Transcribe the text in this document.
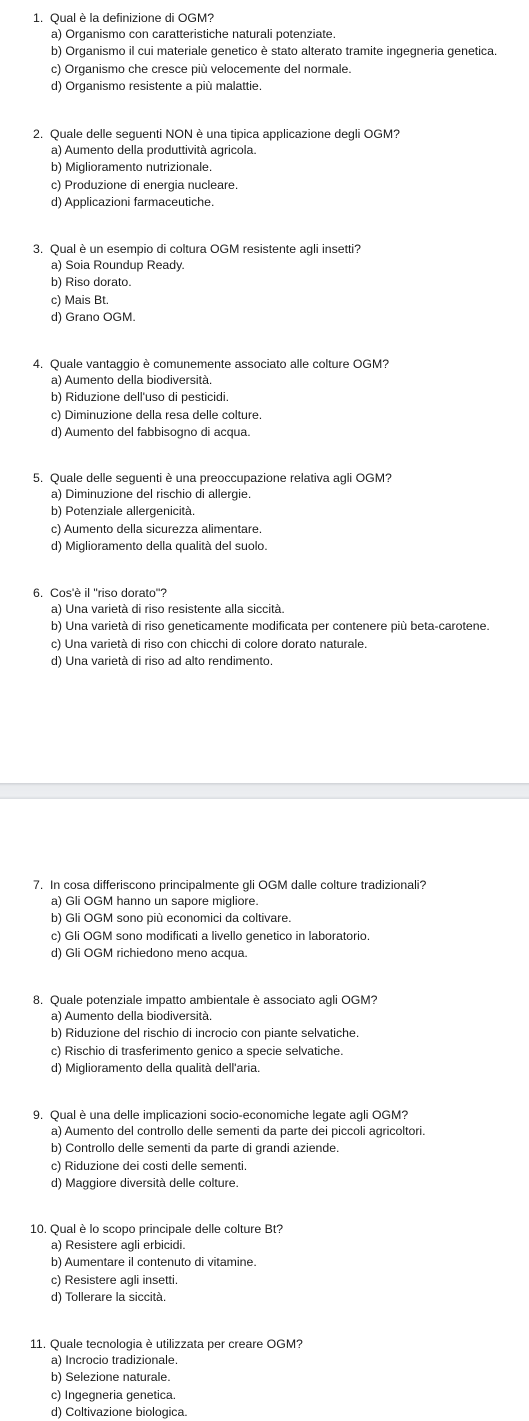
1. Qual è la definizione di OGM?
a) Organismo con caratteristiche naturali potenziate.
b) Organismo il cui materiale genetico è stato alterato tramite ingegneria genetica.
c) Organismo che cresce più velocemente del normale.
d) Organismo resistente a più malattie.
2. Quale delle seguenti NON è una tipica applicazione degli OGM?
a) Aumento della produttività agricola.
b) Miglioramento nutrizionale.
c) Produzione di energia nucleare.
d) Applicazioni farmaceutiche.
3. Qual è un esempio di coltura OGM resistente agli insetti?
a) Soia Roundup Ready.
b) Riso dorato.
c) Mais Bt.
d) Grano OGM.
4. Quale vantaggio è comunemente associato alle colture OGM?
a) Aumento della biodiversità.
b) Riduzione dell'uso di pesticidi.
c) Diminuzione della resa delle colture.
d) Aumento del fabbisogno di acqua.
5. Quale delle seguenti è una preoccupazione relativa agli OGM?
a) Diminuzione del rischio di allergie.
b) Potenziale allergenicità.
c) Aumento della sicurezza alimentare.
d) Miglioramento della qualità del suolo.
6. Cos'è il "riso dorato"?
a) Una varietà di riso resistente alla siccità.
b) Una varietà di riso geneticamente modificata per contenere più beta-carotene.
c) Una varietà di riso con chicchi di colore dorato naturale.
d) Una varietà di riso ad alto rendimento.
7. In cosa differiscono principalmente gli OGM dalle colture tradizionali?
a) Gli OGM hanno un sapore migliore.
b) Gli OGM sono più economici da coltivare.
c) Gli OGM sono modificati a livello genetico in laboratorio.
d) Gli OGM richiedono meno acqua.
8. Quale potenziale impatto ambientale è associato agli OGM?
a) Aumento della biodiversità.
b) Riduzione del rischio di incrocio con piante selvatiche.
c) Rischio di trasferimento genico a specie selvatiche.
d) Miglioramento della qualità dell'aria.
9. Qual è una delle implicazioni socio-economiche legate agli OGM?
a) Aumento del controllo delle sementi da parte dei piccoli agricoltori.
b) Controllo delle sementi da parte di grandi aziende.
c) Riduzione dei costi delle sementi.
d) Maggiore diversità delle colture.
10. Qual è lo scopo principale delle colture Bt?
a) Resistere agli erbicidi.
b) Aumentare il contenuto di vitamine.
c) Resistere agli insetti.
d) Tollerare la siccità.
11. Quale tecnologia è utilizzata per creare OGM?
a) Incrocio tradizionale.
b) Selezione naturale.
c) Ingegneria genetica.
d) Coltivazione biologica.
